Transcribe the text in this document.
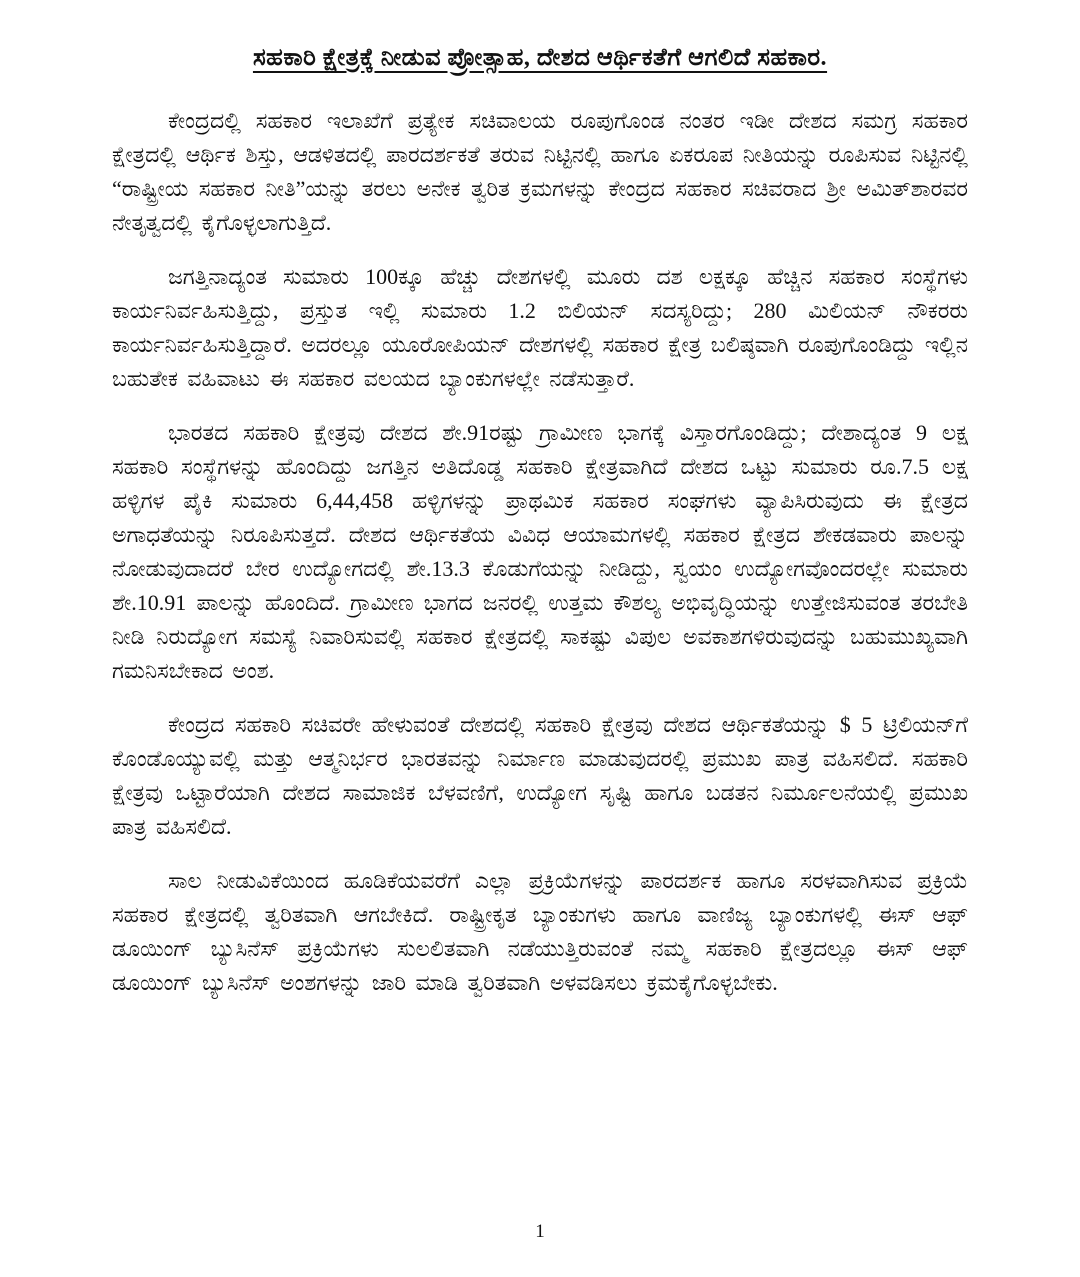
ಸಹಕಾರಿ ಕ್ಷೇತ್ರಕ್ಕೆ ನೀಡುವ ಪ್ರೋತ್ಸಾಹ, ದೇಶದ ಆರ್ಥಿಕತೆಗೆ ಆಗಲಿದೆ ಸಹಕಾರ.

ಕೇಂದ್ರದಲ್ಲಿ ಸಹಕಾರ ಇಲಾಖೆಗೆ ಪ್ರತ್ಯೇಕ ಸಚಿವಾಲಯ ರೂಪುಗೊಂಡ ನಂತರ ಇಡೀ ದೇಶದ ಸಮಗ್ರ ಸಹಕಾರ ಕ್ಷೇತ್ರದಲ್ಲಿ ಆರ್ಥಿಕ ಶಿಸ್ತು, ಆಡಳಿತದಲ್ಲಿ ಪಾರದರ್ಶಕತೆ ತರುವ ನಿಟ್ಟಿನಲ್ಲಿ ಹಾಗೂ ಏಕರೂಪ ನೀತಿಯನ್ನು ರೂಪಿಸುವ ನಿಟ್ಟಿನಲ್ಲಿ “ರಾಷ್ಟ್ರೀಯ ಸಹಕಾರ ನೀತಿ”ಯನ್ನು ತರಲು ಅನೇಕ ತ್ವರಿತ ಕ್ರಮಗಳನ್ನು ಕೇಂದ್ರದ ಸಹಕಾರ ಸಚಿವರಾದ ಶ್ರೀ ಅಮಿತ್‌ಶಾರವರ ನೇತೃತ್ವದಲ್ಲಿ ಕೈಗೊಳ್ಳಲಾಗುತ್ತಿದೆ.

ಜಗತ್ತಿನಾದ್ಯಂತ ಸುಮಾರು 100ಕ್ಕೂ ಹೆಚ್ಚು ದೇಶಗಳಲ್ಲಿ ಮೂರು ದಶ ಲಕ್ಷಕ್ಕೂ ಹೆಚ್ಚಿನ ಸಹಕಾರ ಸಂಸ್ಥೆಗಳು ಕಾರ್ಯನಿರ್ವಹಿಸುತ್ತಿದ್ದು, ಪ್ರಸ್ತುತ ಇಲ್ಲಿ ಸುಮಾರು 1.2 ಬಿಲಿಯನ್ ಸದಸ್ಯರಿದ್ದು; 280 ಮಿಲಿಯನ್ ನೌಕರರು ಕಾರ್ಯನಿರ್ವಹಿಸುತ್ತಿದ್ದಾರೆ. ಅದರಲ್ಲೂ ಯೂರೋಪಿಯನ್ ದೇಶಗಳಲ್ಲಿ ಸಹಕಾರ ಕ್ಷೇತ್ರ ಬಲಿಷ್ಠವಾಗಿ ರೂಪುಗೊಂಡಿದ್ದು ಇಲ್ಲಿನ ಬಹುತೇಕ ವಹಿವಾಟು ಈ ಸಹಕಾರ ವಲಯದ ಬ್ಯಾಂಕುಗಳಲ್ಲೇ ನಡೆಸುತ್ತಾರೆ.

ಭಾರತದ ಸಹಕಾರಿ ಕ್ಷೇತ್ರವು ದೇಶದ ಶೇ.91ರಷ್ಟು ಗ್ರಾಮೀಣ ಭಾಗಕ್ಕೆ ವಿಸ್ತಾರಗೊಂಡಿದ್ದು; ದೇಶಾದ್ಯಂತ 9 ಲಕ್ಷ ಸಹಕಾರಿ ಸಂಸ್ಥೆಗಳನ್ನು ಹೊಂದಿದ್ದು ಜಗತ್ತಿನ ಅತಿದೊಡ್ಡ ಸಹಕಾರಿ ಕ್ಷೇತ್ರವಾಗಿದೆ ದೇಶದ ಒಟ್ಟು ಸುಮಾರು ರೂ.7.5 ಲಕ್ಷ ಹಳ್ಳಿಗಳ ಪೈಕಿ ಸುಮಾರು 6,44,458 ಹಳ್ಳಿಗಳನ್ನು ಪ್ರಾಥಮಿಕ ಸಹಕಾರ ಸಂಘಗಳು ವ್ಯಾಪಿಸಿರುವುದು ಈ ಕ್ಷೇತ್ರದ ಅಗಾಧತೆಯನ್ನು ನಿರೂಪಿಸುತ್ತದೆ. ದೇಶದ ಆರ್ಥಿಕತೆಯ ವಿವಿಧ ಆಯಾಮಗಳಲ್ಲಿ ಸಹಕಾರ ಕ್ಷೇತ್ರದ ಶೇಕಡವಾರು ಪಾಲನ್ನು ನೋಡುವುದಾದರೆ ಬೇರ ಉದ್ಯೋಗದಲ್ಲಿ ಶೇ.13.3 ಕೊಡುಗೆಯನ್ನು ನೀಡಿದ್ದು, ಸ್ವಯಂ ಉದ್ಯೋಗವೊಂದರಲ್ಲೇ ಸುಮಾರು ಶೇ.10.91 ಪಾಲನ್ನು ಹೊಂದಿದೆ. ಗ್ರಾಮೀಣ ಭಾಗದ ಜನರಲ್ಲಿ ಉತ್ತಮ ಕೌಶಲ್ಯ ಅಭಿವೃದ್ಧಿಯನ್ನು ಉತ್ತೇಜಿಸುವಂತ ತರಬೇತಿ ನೀಡಿ ನಿರುದ್ಯೋಗ ಸಮಸ್ಯೆ ನಿವಾರಿಸುವಲ್ಲಿ ಸಹಕಾರ ಕ್ಷೇತ್ರದಲ್ಲಿ ಸಾಕಷ್ಟು ವಿಪುಲ ಅವಕಾಶಗಳಿರುವುದನ್ನು ಬಹುಮುಖ್ಯವಾಗಿ ಗಮನಿಸಬೇಕಾದ ಅಂಶ.

ಕೇಂದ್ರದ ಸಹಕಾರಿ ಸಚಿವರೇ ಹೇಳುವಂತೆ ದೇಶದಲ್ಲಿ ಸಹಕಾರಿ ಕ್ಷೇತ್ರವು ದೇಶದ ಆರ್ಥಿಕತೆಯನ್ನು $ 5 ಟ್ರಿಲಿಯನ್‌ಗೆ ಕೊಂಡೊಯ್ಯುವಲ್ಲಿ ಮತ್ತು ಆತ್ಮನಿರ್ಭರ ಭಾರತವನ್ನು ನಿರ್ಮಾಣ ಮಾಡುವುದರಲ್ಲಿ ಪ್ರಮುಖ ಪಾತ್ರ ವಹಿಸಲಿದೆ. ಸಹಕಾರಿ ಕ್ಷೇತ್ರವು ಒಟ್ಟಾರೆಯಾಗಿ ದೇಶದ ಸಾಮಾಜಿಕ ಬೆಳವಣಿಗೆ, ಉದ್ಯೋಗ ಸೃಷ್ಟಿ ಹಾಗೂ ಬಡತನ ನಿರ್ಮೂಲನೆಯಲ್ಲಿ ಪ್ರಮುಖ ಪಾತ್ರ ವಹಿಸಲಿದೆ.

ಸಾಲ ನೀಡುವಿಕೆಯಿಂದ ಹೂಡಿಕೆಯವರೆಗೆ ಎಲ್ಲಾ ಪ್ರಕ್ರಿಯೆಗಳನ್ನು ಪಾರದರ್ಶಕ ಹಾಗೂ ಸರಳವಾಗಿಸುವ ಪ್ರಕ್ರಿಯೆ ಸಹಕಾರ ಕ್ಷೇತ್ರದಲ್ಲಿ ತ್ವರಿತವಾಗಿ ಆಗಬೇಕಿದೆ. ರಾಷ್ಟ್ರೀಕೃತ ಬ್ಯಾಂಕುಗಳು ಹಾಗೂ ವಾಣಿಜ್ಯ ಬ್ಯಾಂಕುಗಳಲ್ಲಿ ಈಸ್ ಆಫ್ ಡೂಯಿಂಗ್ ಬ್ಯುಸಿನೆಸ್ ಪ್ರಕ್ರಿಯೆಗಳು ಸುಲಲಿತವಾಗಿ ನಡೆಯುತ್ತಿರುವಂತೆ ನಮ್ಮ ಸಹಕಾರಿ ಕ್ಷೇತ್ರದಲ್ಲೂ ಈಸ್ ಆಫ್ ಡೂಯಿಂಗ್ ಬ್ಯುಸಿನೆಸ್ ಅಂಶಗಳನ್ನು ಜಾರಿ ಮಾಡಿ ತ್ವರಿತವಾಗಿ ಅಳವಡಿಸಲು ಕ್ರಮಕೈಗೊಳ್ಳಬೇಕು.

1
